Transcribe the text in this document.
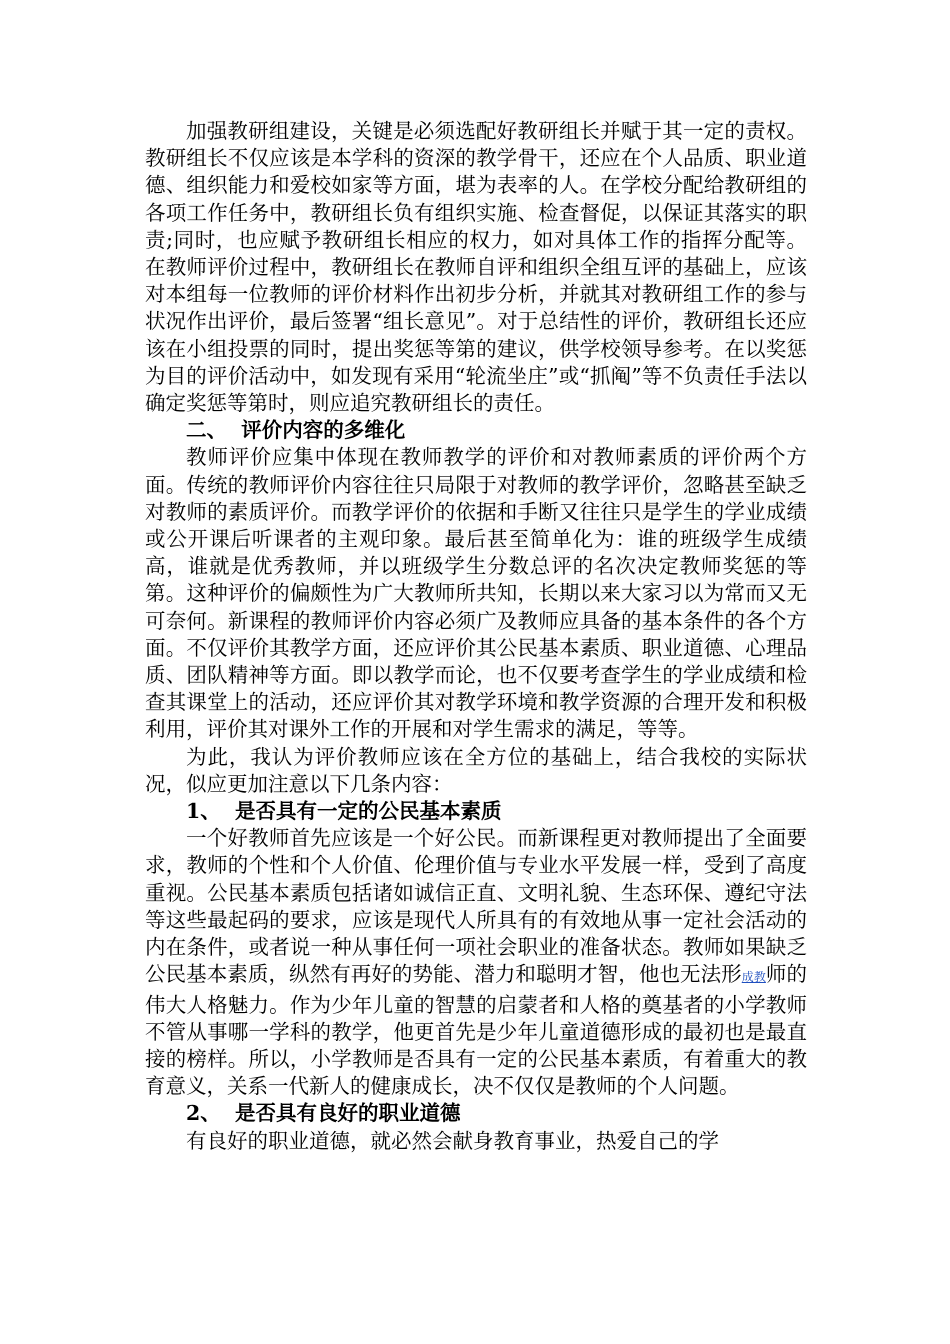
加强教研组建设，关键是必须选配好教研组长并赋于其一定的责权。教研组长不仅应该是本学科的资深的教学骨干，还应在个人品质、职业道德、组织能力和爱校如家等方面，堪为表率的人。在学校分配给教研组的各项工作任务中，教研组长负有组织实施、检查督促，以保证其落实的职责;同时，也应赋予教研组长相应的权力，如对具体工作的指挥分配等。在教师评价过程中，教研组长在教师自评和组织全组互评的基础上，应该对本组每一位教师的评价材料作出初步分析，并就其对教研组工作的参与状况作出评价，最后签署“组长意见”。对于总结性的评价，教研组长还应该在小组投票的同时，提出奖惩等第的建议，供学校领导参考。在以奖惩为目的评价活动中，如发现有采用“轮流坐庄”或“抓阄”等不负责任手法以确定奖惩等第时，则应追究教研组长的责任。

二、  评价内容的多维化

教师评价应集中体现在教师教学的评价和对教师素质的评价两个方面。传统的教师评价内容往往只局限于对教师的教学评价，忽略甚至缺乏对教师的素质评价。而教学评价的依据和手断又往往只是学生的学业成绩或公开课后听课者的主观印象。最后甚至简单化为：谁的班级学生成绩高，谁就是优秀教师，并以班级学生分数总评的名次决定教师奖惩的等第。这种评价的偏颇性为广大教师所共知，长期以来大家习以为常而又无可奈何。新课程的教师评价内容必须广及教师应具备的基本条件的各个方面。不仅评价其教学方面，还应评价其公民基本素质、职业道德、心理品质、团队精神等方面。即以教学而论，也不仅要考查学生的学业成绩和检查其课堂上的活动，还应评价其对教学环境和教学资源的合理开发和积极利用，评价其对课外工作的开展和对学生需求的满足，等等。

为此，我认为评价教师应该在全方位的基础上，结合我校的实际状况，似应更加注意以下几条内容：

1、  是否具有一定的公民基本素质

一个好教师首先应该是一个好公民。而新课程更对教师提出了全面要求，教师的个性和个人价值、伦理价值与专业水平发展一样，受到了高度重视。公民基本素质包括诸如诚信正直、文明礼貌、生态环保、遵纪守法等这些最起码的要求，应该是现代人所具有的有效地从事一定社会活动的内在条件，或者说一种从事任何一项社会职业的准备状态。教师如果缺乏公民基本素质，纵然有再好的势能、潜力和聪明才智，他也无法形成教师的伟大人格魅力。作为少年儿童的智慧的启蒙者和人格的奠基者的小学教师不管从事哪一学科的教学，他更首先是少年儿童道德形成的最初也是最直接的榜样。所以，小学教师是否具有一定的公民基本素质，有着重大的教育意义，关系一代新人的健康成长，决不仅仅是教师的个人问题。

2、  是否具有良好的职业道德

有良好的职业道德，就必然会献身教育事业，热爱自己的学
